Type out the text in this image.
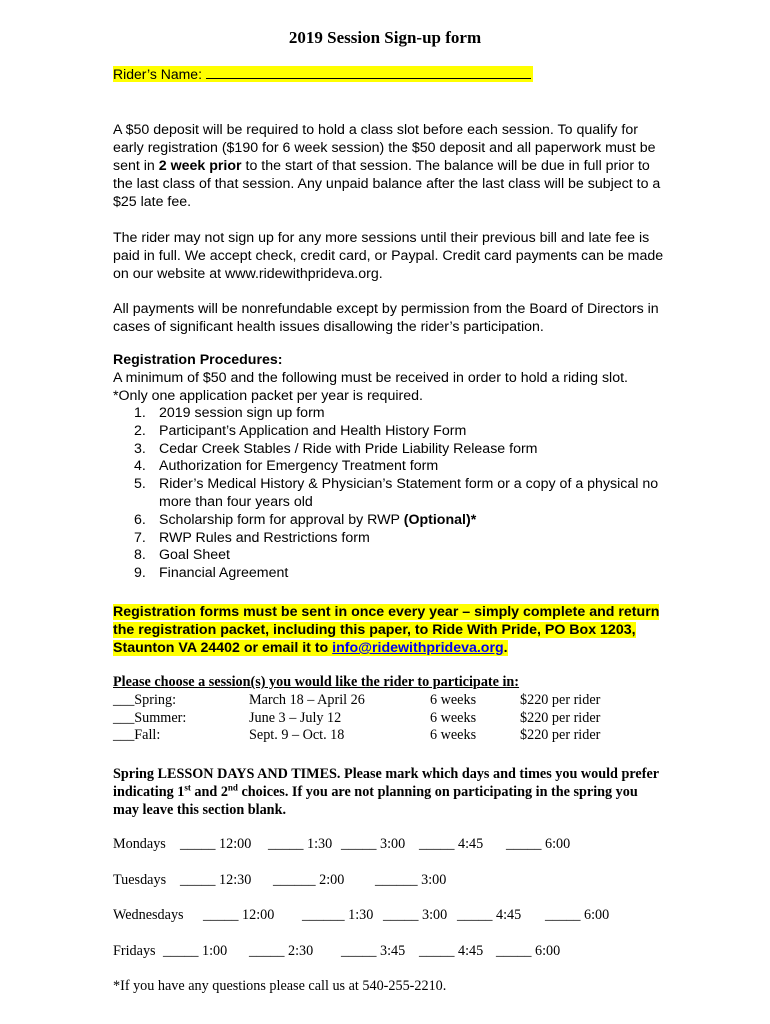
2019 Session Sign-up form
Rider’s Name:
A $50 deposit will be required to hold a class slot before each session. To qualify for
early registration ($190 for 6 week session) the $50 deposit and all paperwork must be
sent in 2 week prior to the start of that session. The balance will be due in full prior to
the last class of that session. Any unpaid balance after the last class will be subject to a
$25 late fee.
The rider may not sign up for any more sessions until their previous bill and late fee is
paid in full. We accept check, credit card, or Paypal. Credit card payments can be made
on our website at www.ridewithprideva.org.
All payments will be nonrefundable except by permission from the Board of Directors in
cases of significant health issues disallowing the rider’s participation.
Registration Procedures:
A minimum of $50 and the following must be received in order to hold a riding slot.
*Only one application packet per year is required.
1. 2019 session sign up form
2. Participant’s Application and Health History Form
3. Cedar Creek Stables / Ride with Pride Liability Release form
4. Authorization for Emergency Treatment form
5. Rider’s Medical History & Physician’s Statement form or a copy of a physical no
more than four years old
6. Scholarship form for approval by RWP (Optional)*
7. RWP Rules and Restrictions form
8. Goal Sheet
9. Financial Agreement
Registration forms must be sent in once every year – simply complete and return
the registration packet, including this paper, to Ride With Pride, PO Box 1203,
Staunton VA 24402 or email it to info@ridewithprideva.org.
Please choose a session(s) you would like the rider to participate in:
___Spring:	March 18 – April 26	6 weeks	$220 per rider
___Summer:	June 3 – July 12	6 weeks	$220 per rider
___Fall:	Sept. 9 – Oct. 18	6 weeks	$220 per rider
Spring LESSON DAYS AND TIMES. Please mark which days and times you would prefer
indicating 1st and 2nd choices. If you are not planning on participating in the spring you
may leave this section blank.
Mondays _____ 12:00 _____ 1:30 _____ 3:00 _____ 4:45 _____ 6:00
Tuesdays _____ 12:30 ______ 2:00 ______ 3:00
Wednesdays _____ 12:00 ______ 1:30 _____ 3:00 _____ 4:45 _____ 6:00
Fridays _____ 1:00 _____ 2:30 _____ 3:45 _____ 4:45 _____ 6:00
*If you have any questions please call us at 540-255-2210.
